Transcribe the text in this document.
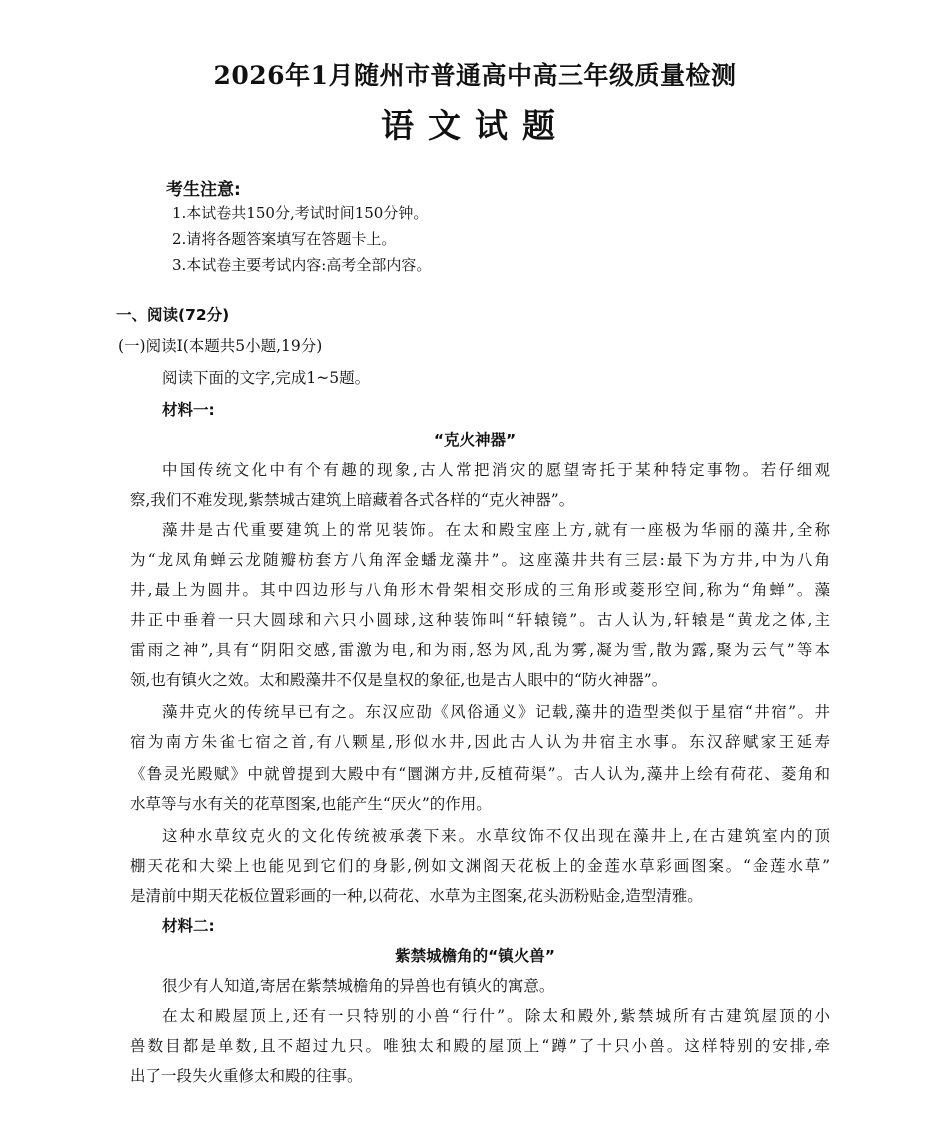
2026年1月随州市普通高中高三年级质量检测
语文试题
考生注意:
1.本试卷共150分,考试时间150分钟。
2.请将各题答案填写在答题卡上。
3.本试卷主要考试内容:高考全部内容。
一、阅读(72分)
(一)阅读Ⅰ(本题共5小题,19分)
阅读下面的文字,完成1~5题。
材料一:
“克火神器”
中国传统文化中有个有趣的现象,古人常把消灾的愿望寄托于某种特定事物。若仔细观
察,我们不难发现,紫禁城古建筑上暗藏着各式各样的“克火神器”。
藻井是古代重要建筑上的常见装饰。在太和殿宝座上方,就有一座极为华丽的藻井,全称
为“龙凤角蝉云龙随瓣枋套方八角浑金蟠龙藻井”。这座藻井共有三层:最下为方井,中为八角
井,最上为圆井。其中四边形与八角形木骨架相交形成的三角形或菱形空间,称为“角蝉”。藻
井正中垂着一只大圆球和六只小圆球,这种装饰叫“轩辕镜”。古人认为,轩辕是“黄龙之体,主
雷雨之神”,具有“阴阳交感,雷激为电,和为雨,怒为风,乱为雾,凝为雪,散为露,聚为云气”等本
领,也有镇火之效。太和殿藻井不仅是皇权的象征,也是古人眼中的“防火神器”。
藻井克火的传统早已有之。东汉应劭《风俗通义》记载,藻井的造型类似于星宿“井宿”。井
宿为南方朱雀七宿之首,有八颗星,形似水井,因此古人认为井宿主水事。东汉辞赋家王延寿
《鲁灵光殿赋》中就曾提到大殿中有“圜渊方井,反植荷渠”。古人认为,藻井上绘有荷花、菱角和
水草等与水有关的花草图案,也能产生“厌火”的作用。
这种水草纹克火的文化传统被承袭下来。水草纹饰不仅出现在藻井上,在古建筑室内的顶
棚天花和大梁上也能见到它们的身影,例如文渊阁天花板上的金莲水草彩画图案。“金莲水草”
是清前中期天花板位置彩画的一种,以荷花、水草为主图案,花头沥粉贴金,造型清雅。
材料二:
紫禁城檐角的“镇火兽”
很少有人知道,寄居在紫禁城檐角的异兽也有镇火的寓意。
在太和殿屋顶上,还有一只特别的小兽“行什”。除太和殿外,紫禁城所有古建筑屋顶的小
兽数目都是单数,且不超过九只。唯独太和殿的屋顶上“蹲”了十只小兽。这样特别的安排,牵
出了一段失火重修太和殿的往事。
